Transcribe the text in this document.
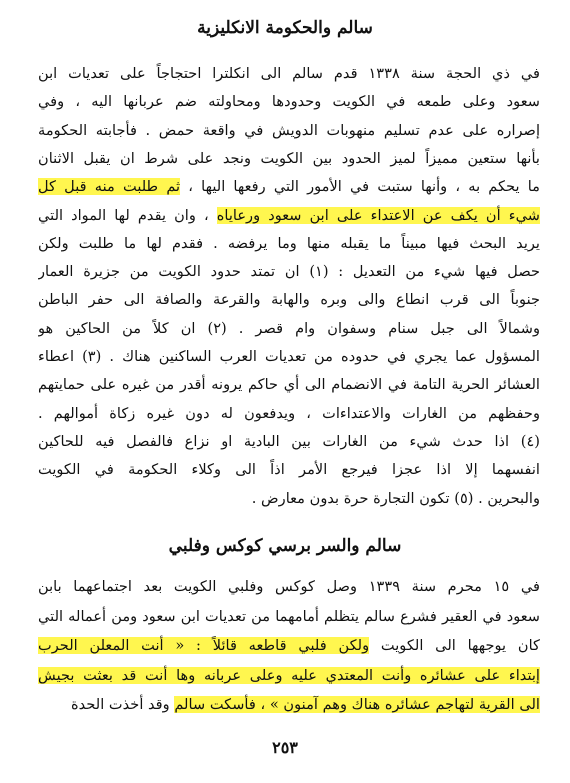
سالم والحكومة الانكليزية
في ذي الحجة سنة ١٣٣٨ قدم سالم الى انكلترا احتجاجاً على تعديات ابن
سعود وعلى طمعه في الكويت وحدودها ومحاولته ضم عربانها اليه ، وفي
إصراره على عدم تسليم منهوبات الدويش في واقعة حمض . فأجابته الحكومة
بأنها ستعين مميزاً لميز الحدود بين الكويت ونجد على شرط ان يقبل الاثنان
ما يحكم به ، وأنها ستبت في الأمور التي رفعها اليها ، ثم طلبت منه قبل كل
شيء أن يكف عن الاعتداء على ابن سعود ورعاياه ، وان يقدم لها المواد التي
يريد البحث فيها مبيناً ما يقبله منها وما يرفضه . فقدم لها ما طلبت ولكن
حصل فيها شيء من التعديل : (١) ان تمتد حدود الكويت من جزيرة العمار
جنوباً الى قرب انطاع والى وبره والهابة والقرعة والصافة الى حفر الباطن
وشمالاً الى جبل سنام وسفوان وام قصر . (٢) ان كلاً من الحاكين هو
المسؤول عما يجري في حدوده من تعديات العرب الساكنين هناك . (٣) اعطاء
العشائر الحرية التامة في الانضمام الى أي حاكم يرونه أقدر من غيره على حمايتهم
وحفظهم من الغارات والاعتداءات ، ويدفعون له دون غيره زكاة أموالهم .
(٤) اذا حدث شيء من الغارات بين البادية او نزاع فالفصل فيه للحاكين
انفسهما إلا اذا عجزا فيرجع الأمر اذاً الى وكلاء الحكومة في الكويت
والبحرين . (٥) تكون التجارة حرة بدون معارض .
سالم والسر برسي كوكس وفلبي
في ١٥ محرم سنة ١٣٣٩ وصل كوكس وفلبي الكويت بعد اجتماعهما بابن
سعود في العقير فشرع سالم يتظلم أمامهما من تعديات ابن سعود ومن أعماله التي
كان يوجهها الى الكويت ولكن فلبي قاطعه قائلاً : « أنت المعلن الحرب
إبتداء على عشائره وأنت المعتدي عليه وعلى عربانه وها أنت قد بعثت بجيش
الى القرية لتهاجم عشائره هناك وهم آمنون » ، فأسكت سالم وقد أخذت الحدة
٢٥٣
